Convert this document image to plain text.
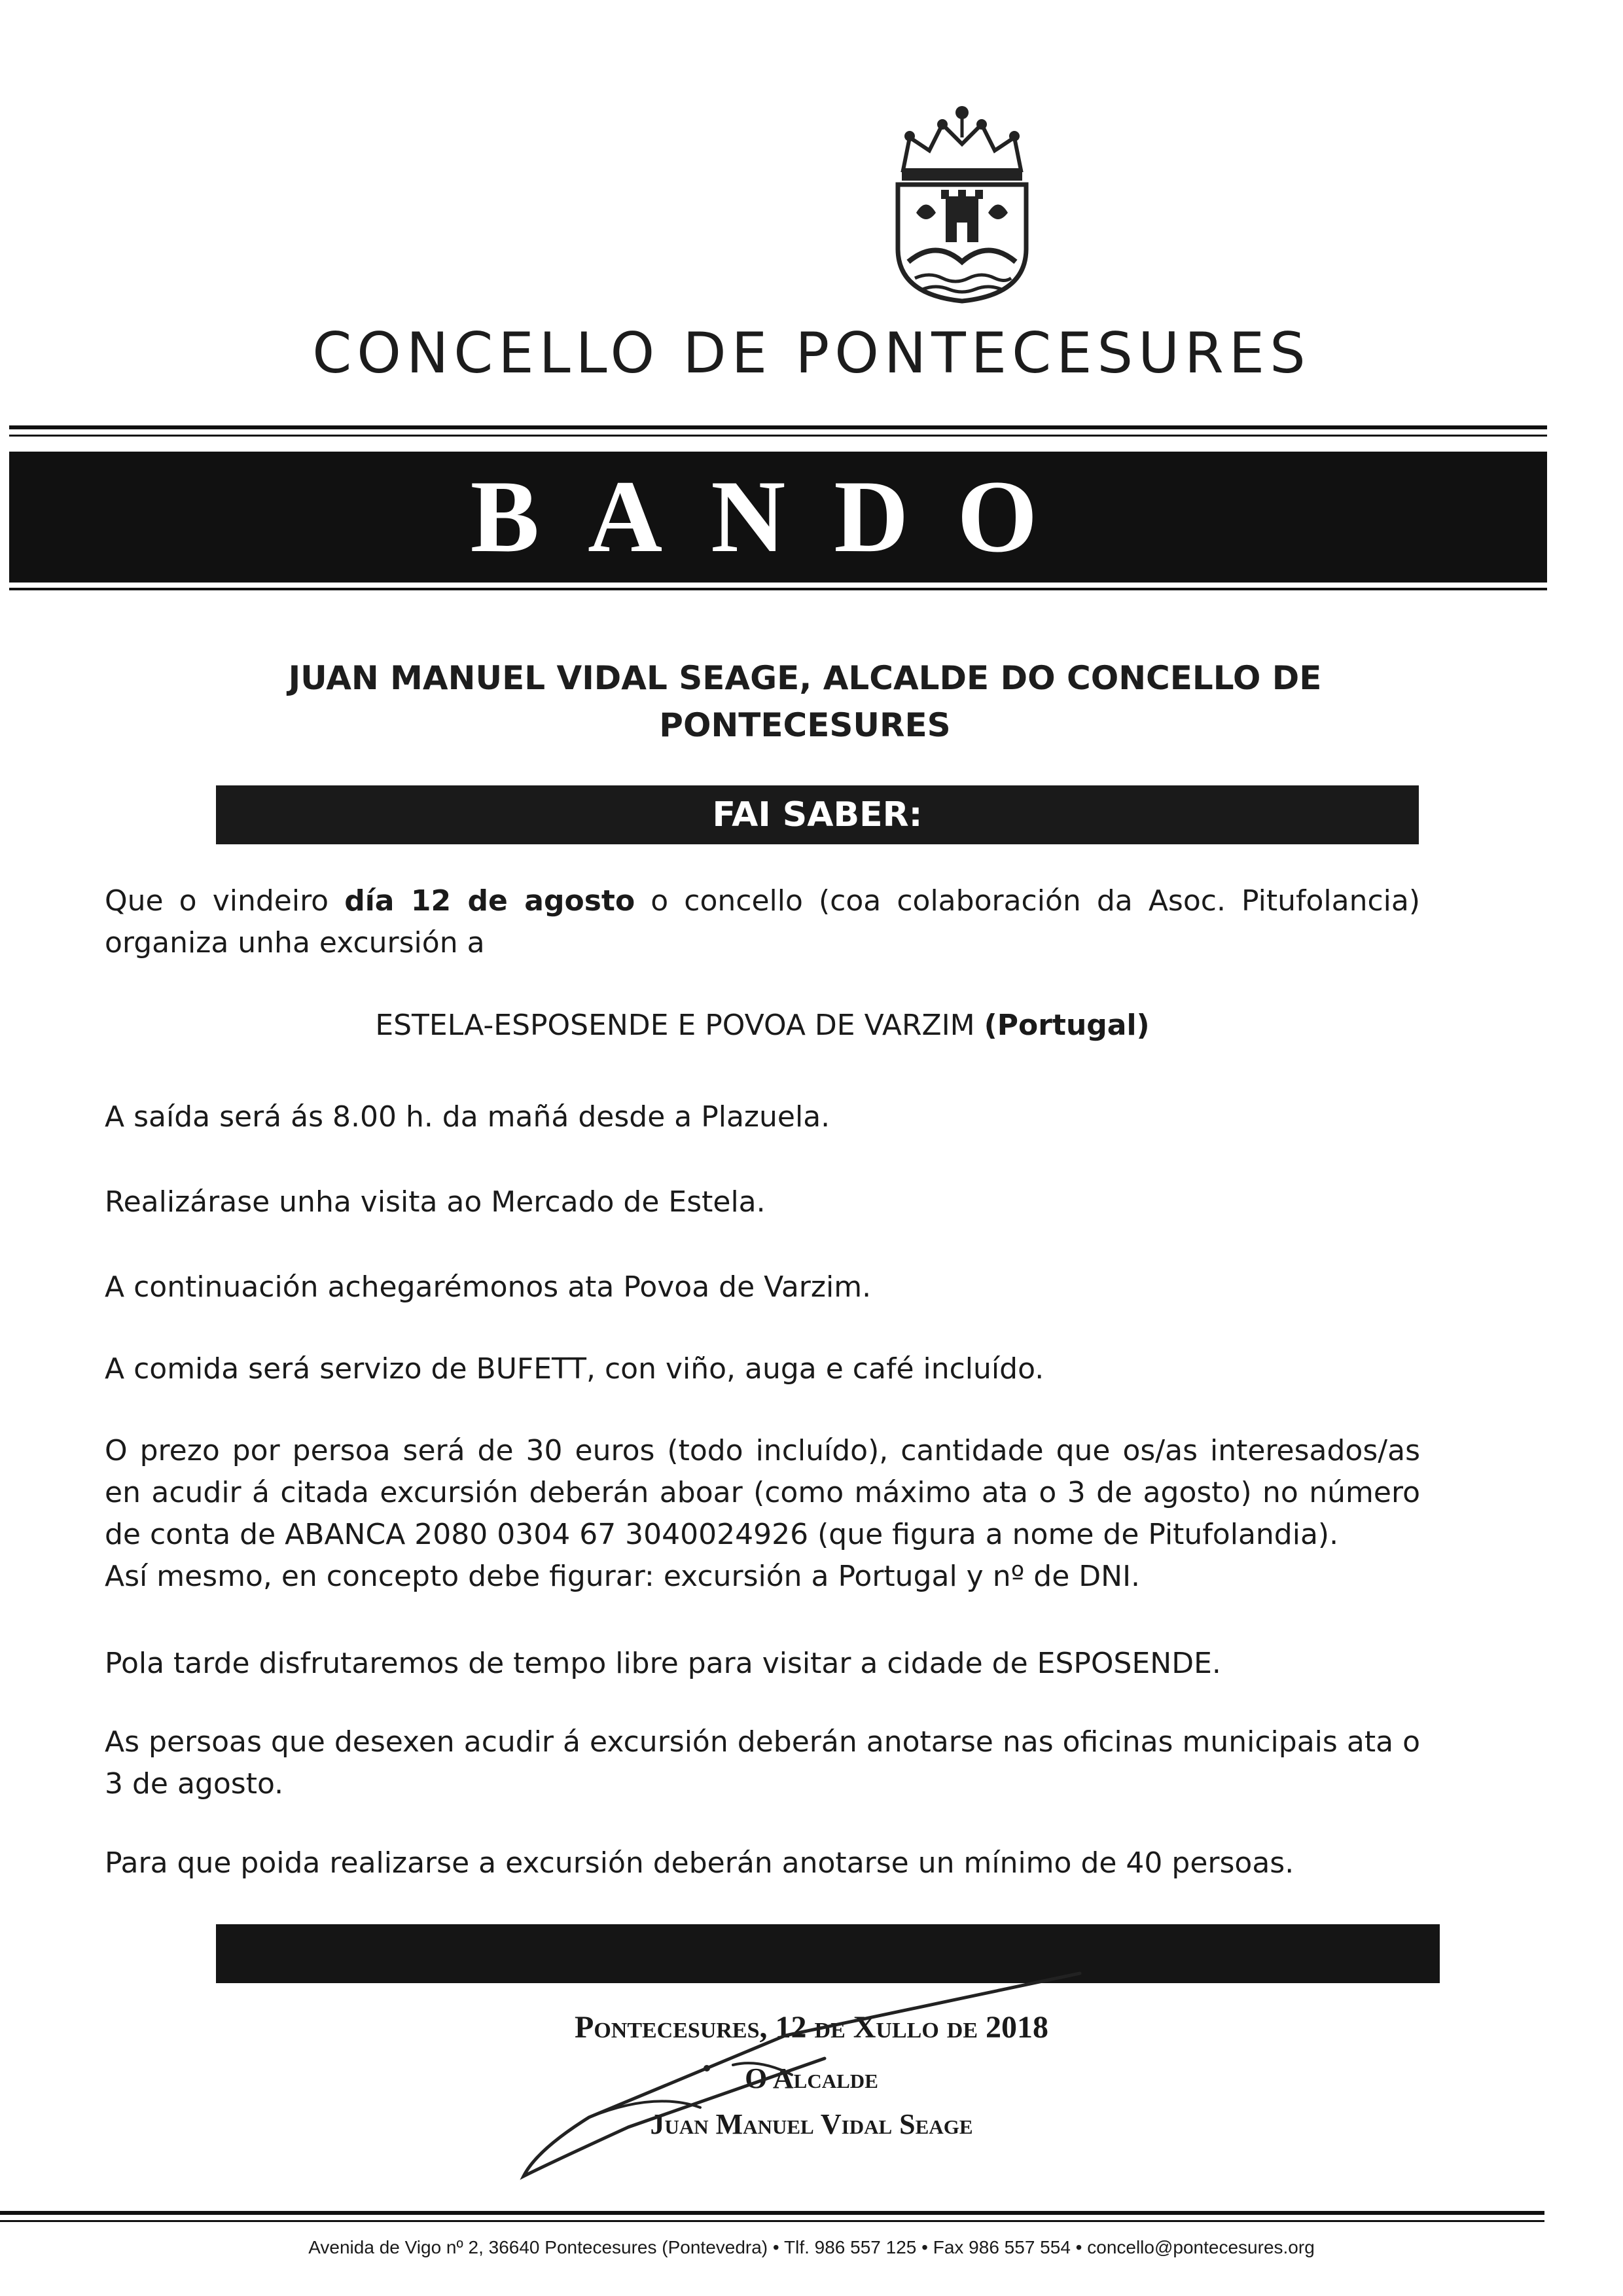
CONCELLO DE PONTECESURES
BANDO
JUAN MANUEL VIDAL SEAGE, ALCALDE DO CONCELLO DE
PONTECESURES
FAI SABER:
Que o vindeiro día 12 de agosto o concello (coa colaboración da Asoc. Pitufolancia) organiza unha excursión a
ESTELA-ESPOSENDE E POVOA DE VARZIM (Portugal)
A saída será ás 8.00 h. da mañá desde a Plazuela.
Realizárase unha visita ao Mercado de Estela.
A continuación achegarémonos ata Povoa de Varzim.
A comida será servizo de BUFETT, con viño, auga e café incluído.
O prezo por persoa será de 30 euros (todo incluído), cantidade que os/as interesados/as en acudir á citada excursión deberán aboar (como máximo ata o 3 de agosto) no número de conta de ABANCA 2080 0304 67 3040024926 (que figura a nome de Pitufolandia).
Así mesmo, en concepto debe figurar: excursión a Portugal y nº de DNI.
Pola tarde disfrutaremos de tempo libre para visitar a cidade de ESPOSENDE.
As persoas que desexen acudir á excursión deberán anotarse nas oficinas municipais ata o 3 de agosto.
Para que poida realizarse a excursión deberán anotarse un mínimo de 40 persoas.
Pontecesures, 12 de Xullo de 2018
O Alcalde
Juan Manuel Vidal Seage
Avenida de Vigo nº 2, 36640 Pontecesures (Pontevedra) • Tlf. 986 557 125 • Fax 986 557 554 • concello@pontecesures.org
